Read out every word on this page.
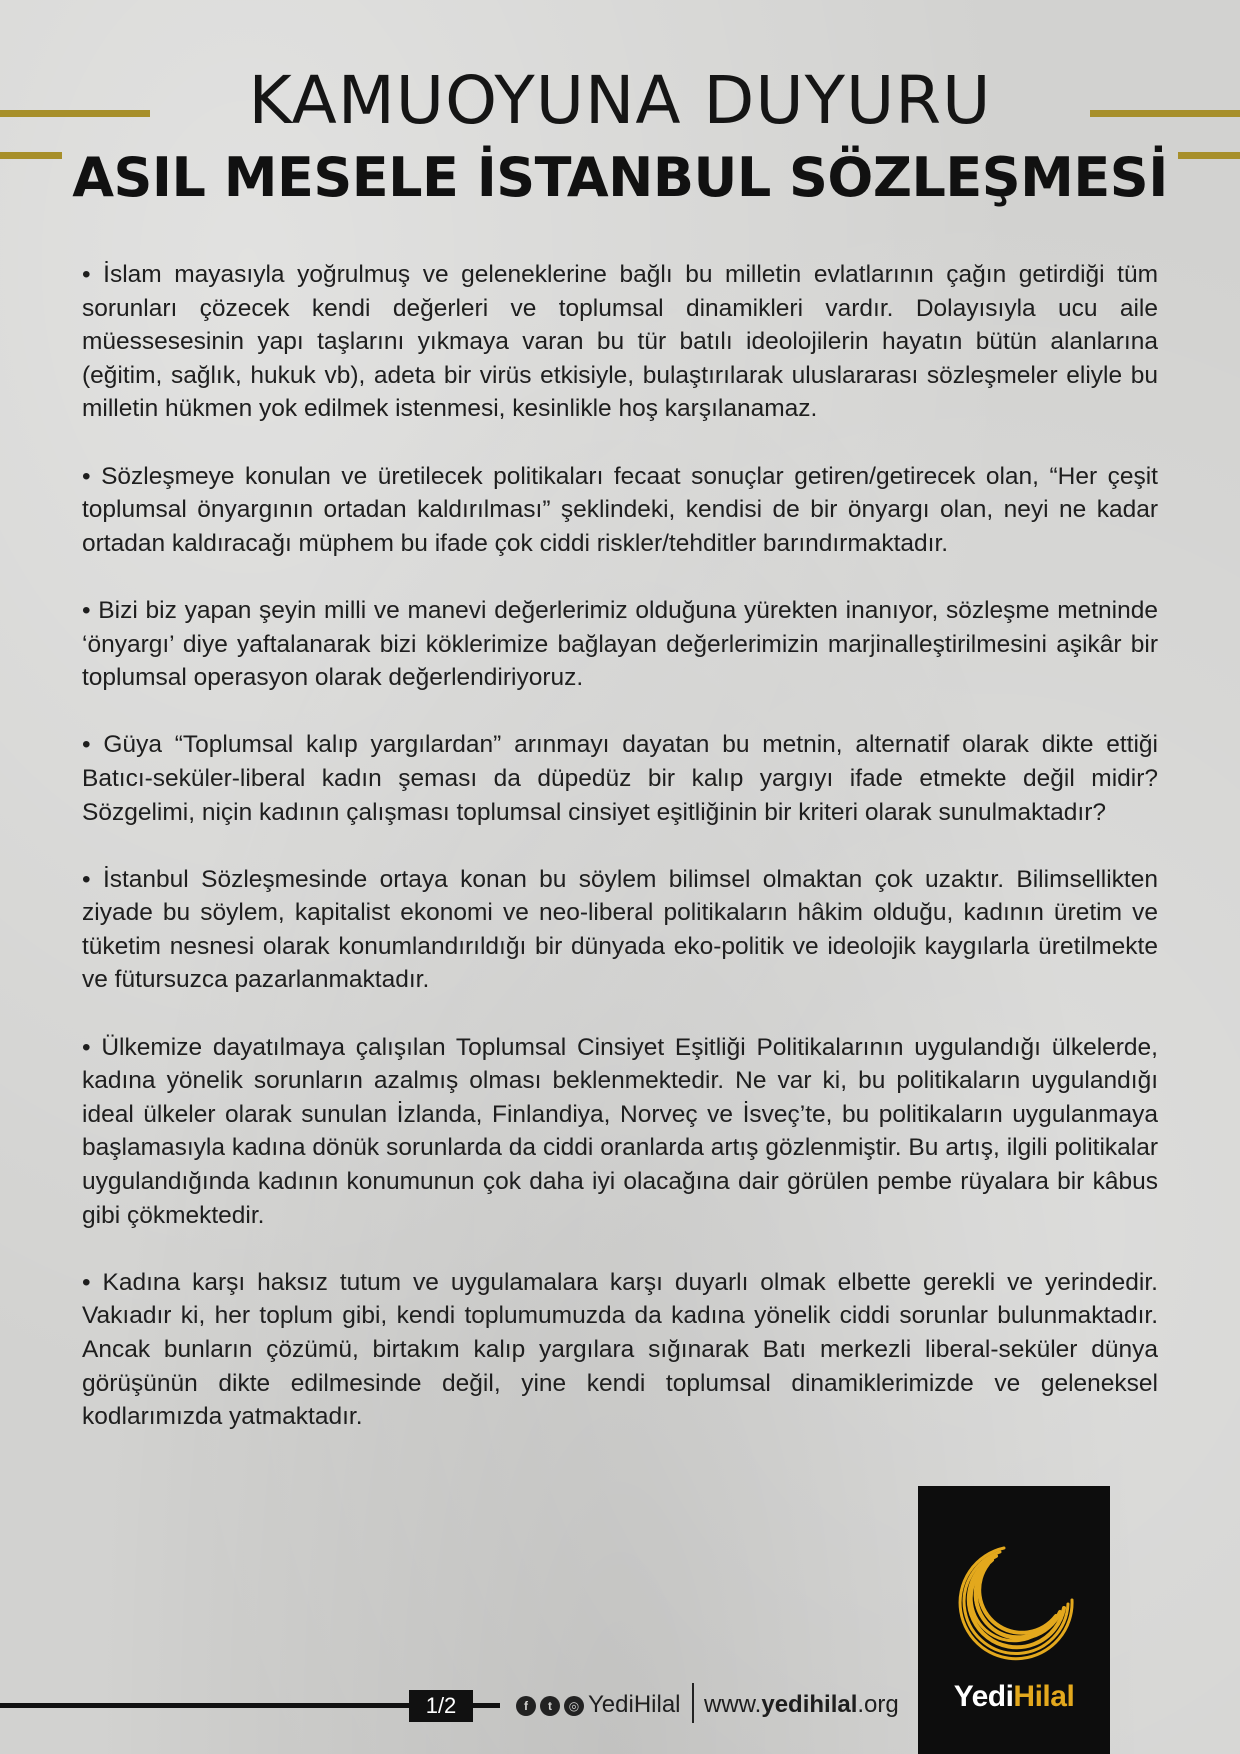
KAMUOYUNA DUYURU
ASIL MESELE İSTANBUL SÖZLEŞMESİ

• İslam mayasıyla yoğrulmuş ve geleneklerine bağlı bu milletin evlatlarının çağın getirdiği tüm sorunları çözecek kendi değerleri ve toplumsal dinamikleri vardır. Dolayısıyla ucu aile müessesesinin yapı taşlarını yıkmaya varan bu tür batılı ideolojilerin hayatın bütün alanlarına (eğitim, sağlık, hukuk vb), adeta bir virüs etkisiyle, bulaştırılarak uluslararası sözleşmeler eliyle bu milletin hükmen yok edilmek istenmesi, kesinlikle hoş karşılanamaz.

• Sözleşmeye konulan ve üretilecek politikaları fecaat sonuçlar getiren/getirecek olan, “Her çeşit toplumsal önyargının ortadan kaldırılması” şeklindeki, kendisi de bir önyargı olan, neyi ne kadar ortadan kaldıracağı müphem bu ifade çok ciddi riskler/tehditler barındırmaktadır.

• Bizi biz yapan şeyin milli ve manevi değerlerimiz olduğuna yürekten inanıyor, sözleşme metninde ‘önyargı’ diye yaftalanarak bizi köklerimize bağlayan değerlerimizin marjinalleştirilmesini aşikâr bir toplumsal operasyon olarak değerlendiriyoruz.

• Güya “Toplumsal kalıp yargılardan” arınmayı dayatan bu metnin, alternatif olarak dikte ettiği Batıcı-seküler-liberal kadın şeması da düpedüz bir kalıp yargıyı ifade etmekte değil midir? Sözgelimi, niçin kadının çalışması toplumsal cinsiyet eşitliğinin bir kriteri olarak sunulmaktadır?

• İstanbul Sözleşmesinde ortaya konan bu söylem bilimsel olmaktan çok uzaktır. Bilimsellikten ziyade bu söylem, kapitalist ekonomi ve neo-liberal politikaların hâkim olduğu, kadının üretim ve tüketim nesnesi olarak konumlandırıldığı bir dünyada eko-politik ve ideolojik kaygılarla üretilmekte ve fütursuzca pazarlanmaktadır.

• Ülkemize dayatılmaya çalışılan Toplumsal Cinsiyet Eşitliği Politikalarının uygulandığı ülkelerde, kadına yönelik sorunların azalmış olması beklenmektedir. Ne var ki, bu politikaların uygulandığı ideal ülkeler olarak sunulan İzlanda, Finlandiya, Norveç ve İsveç’te, bu politikaların uygulanmaya başlamasıyla kadına dönük sorunlarda da ciddi oranlarda artış gözlenmiştir. Bu artış, ilgili politikalar uygulandığında kadının konumunun çok daha iyi olacağına dair görülen pembe rüyalara bir kâbus gibi çökmektedir.

• Kadına karşı haksız tutum ve uygulamalara karşı duyarlı olmak elbette gerekli ve yerindedir. Vakıadır ki, her toplum gibi, kendi toplumumuzda da kadına yönelik ciddi sorunlar bulunmaktadır. Ancak bunların çözümü, birtakım kalıp yargılara sığınarak Batı merkezli liberal-seküler dünya görüşünün dikte edilmesinde değil, yine kendi toplumsal dinamiklerimizde ve geleneksel kodlarımızda yatmaktadır.

1/2	f	t	◎ YediHilal www.yedihilal.org	YediHilal
